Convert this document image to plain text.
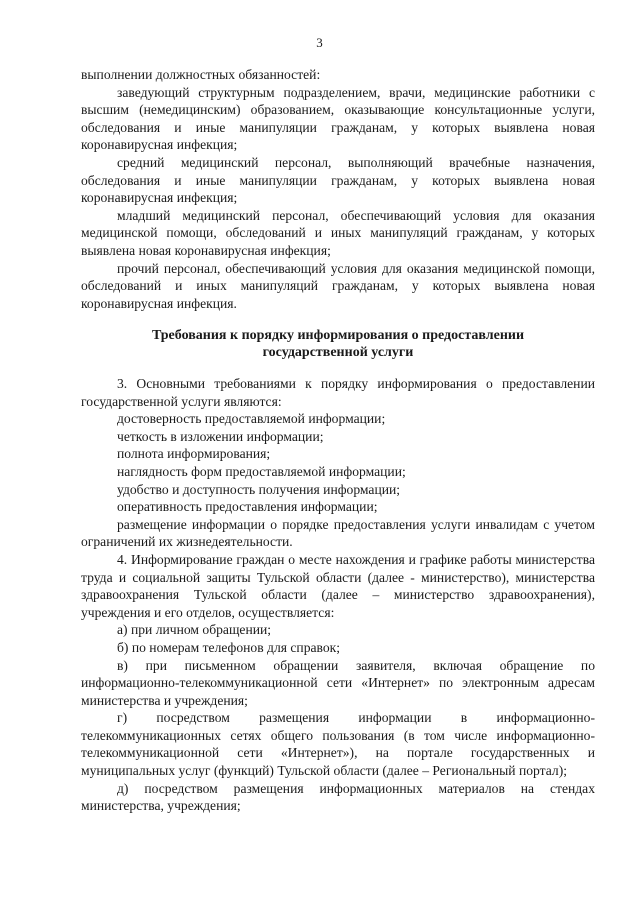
3

выполнении должностных обязанностей:

заведующий структурным подразделением, врачи, медицинские работники с высшим (немедицинским) образованием, оказывающие консультационные услуги, обследования и иные манипуляции гражданам, у которых выявлена новая коронавирусная инфекция;

средний медицинский персонал, выполняющий врачебные назначения, обследования и иные манипуляции гражданам, у которых выявлена новая коронавирусная инфекция;

младший медицинский персонал, обеспечивающий условия для оказания медицинской помощи, обследований и иных манипуляций гражданам, у которых выявлена новая коронавирусная инфекция;

прочий персонал, обеспечивающий условия для оказания медицинской помощи, обследований и иных манипуляций гражданам, у которых выявлена новая коронавирусная инфекция.

Требования к порядку информирования о предоставлении
государственной услуги

3. Основными требованиями к порядку информирования о предоставлении государственной услуги являются:

достоверность предоставляемой информации;

четкость в изложении информации;

полнота информирования;

наглядность форм предоставляемой информации;

удобство и доступность получения информации;

оперативность предоставления информации;

размещение информации о порядке предоставления услуги инвалидам с учетом ограничений их жизнедеятельности.

4. Информирование граждан о месте нахождения и графике работы министерства труда и социальной защиты Тульской области (далее - министерство), министерства здравоохранения Тульской области (далее – министерство здравоохранения), учреждения и его отделов, осуществляется:

а) при личном обращении;

б) по номерам телефонов для справок;

в) при письменном обращении заявителя, включая обращение по информационно-телекоммуникационной сети «Интернет» по электронным адресам министерства и учреждения;

г) посредством размещения информации в информационно-телекоммуникационных сетях общего пользования (в том числе информационно-телекоммуникационной сети «Интернет»), на портале государственных и муниципальных услуг (функций) Тульской области (далее – Региональный портал);

д) посредством размещения информационных материалов на стендах министерства, учреждения;
